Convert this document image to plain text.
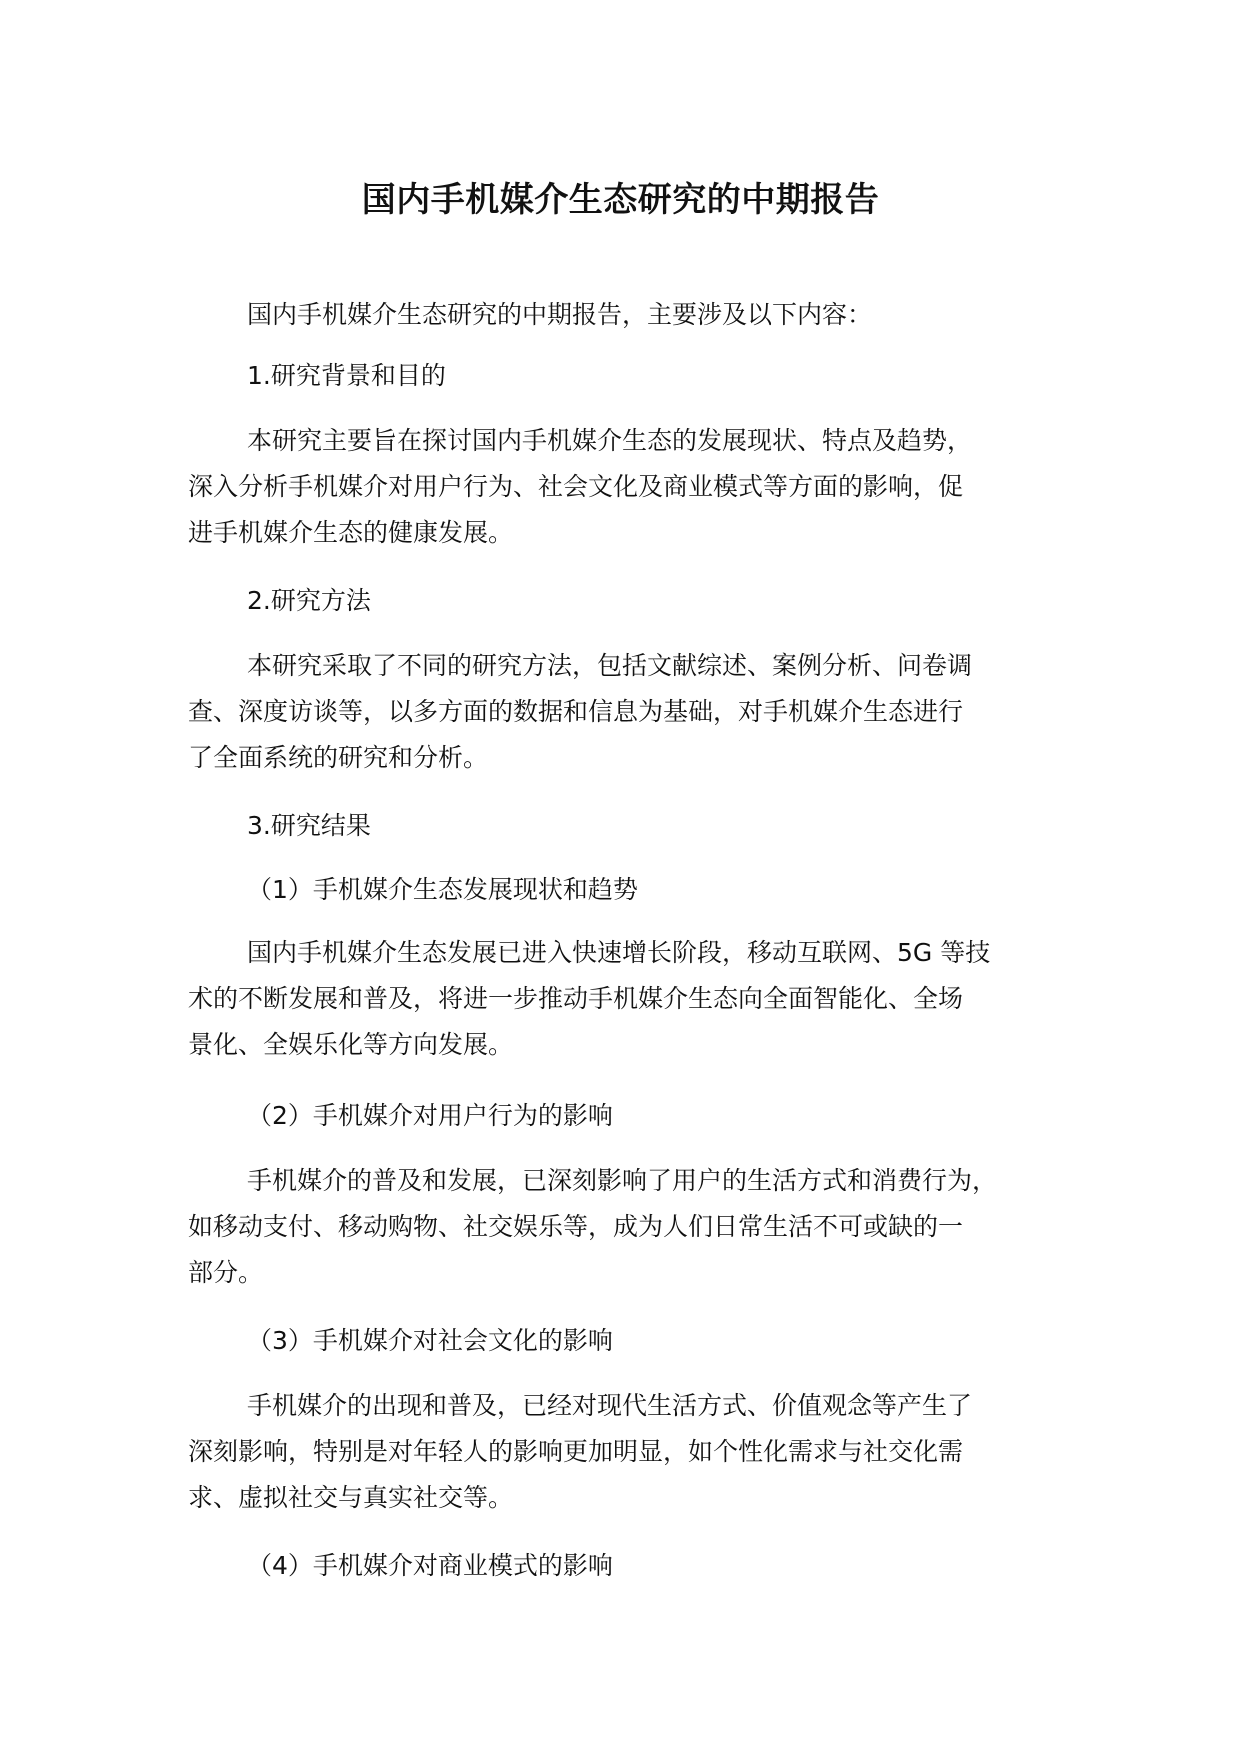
国内手机媒介生态研究的中期报告
国内手机媒介生态研究的中期报告，主要涉及以下内容：
1.研究背景和目的
本研究主要旨在探讨国内手机媒介生态的发展现状、特点及趋势，
深入分析手机媒介对用户行为、社会文化及商业模式等方面的影响，促
进手机媒介生态的健康发展。
2.研究方法
本研究采取了不同的研究方法，包括文献综述、案例分析、问卷调
查、深度访谈等，以多方面的数据和信息为基础，对手机媒介生态进行
了全面系统的研究和分析。
3.研究结果
（1）手机媒介生态发展现状和趋势
国内手机媒介生态发展已进入快速增长阶段，移动互联网、5G 等技
术的不断发展和普及，将进一步推动手机媒介生态向全面智能化、全场
景化、全娱乐化等方向发展。
（2）手机媒介对用户行为的影响
手机媒介的普及和发展，已深刻影响了用户的生活方式和消费行为，
如移动支付、移动购物、社交娱乐等，成为人们日常生活不可或缺的一
部分。
（3）手机媒介对社会文化的影响
手机媒介的出现和普及，已经对现代生活方式、价值观念等产生了
深刻影响，特别是对年轻人的影响更加明显，如个性化需求与社交化需
求、虚拟社交与真实社交等。
（4）手机媒介对商业模式的影响
